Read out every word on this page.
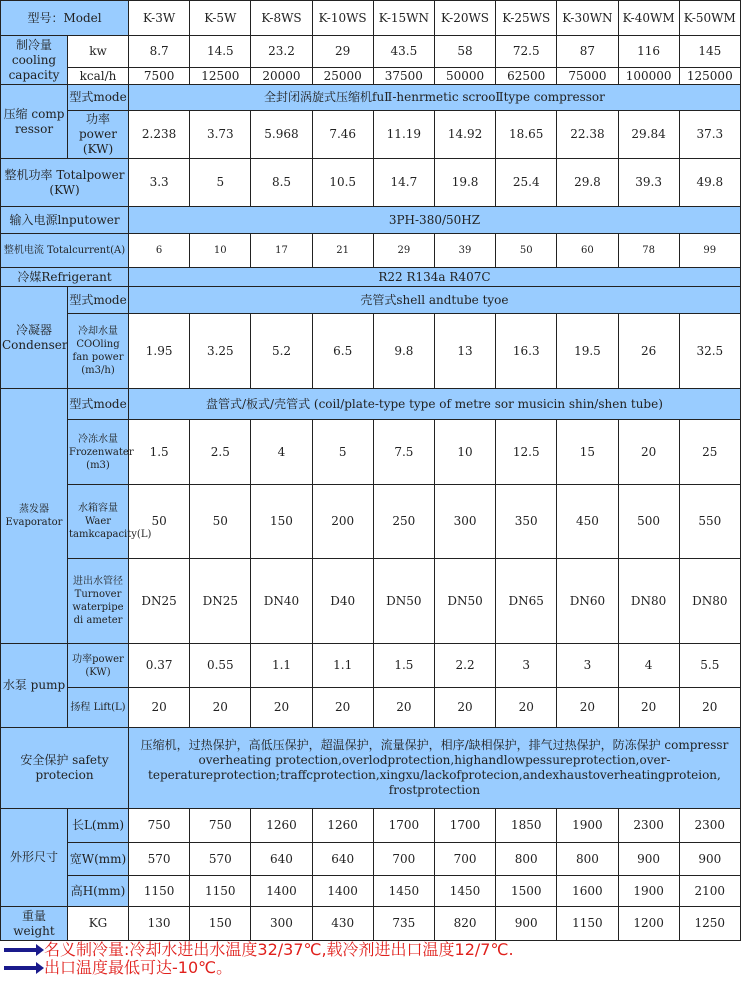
型号：Model		K-3W	K-5W	K-8WS	K-10WS	K-15WN	K-20WS	K-25WS	K-30WN	K-40WM	K-50WM
制冷量 cooling capacity	kw	8.7	14.5	23.2	29	43.5	58	72.5	87	116	145
	kcal/h	7500	12500	20000	25000	37500	50000	62500	75000	100000	125000
压缩 comp ressor	型式mode	全封闭涡旋式压缩机fuⅡ-henrmetic scrooⅡtype compressor									
	功率 power (KW)	2.238	3.73	5.968	7.46	11.19	14.92	18.65	22.38	29.84	37.3
整机功率 Totalpower (KW)		3.3	5	8.5	10.5	14.7	19.8	25.4	29.8	39.3	49.8
输入电源lnputower		3PH-380/50HZ									
整机电流 Totalcurrent(A)		6	10	17	21	29	39	50	60	78	99
冷媒Refrigerant		R22 R134a R407C									
冷凝器 Condenser	型式mode	壳管式shell andtube tyoe									
	冷却水量 COOling fan power (m3/h)	1.95	3.25	5.2	6.5	9.8	13	16.3	19.5	26	32.5
蒸发器 Evaporator	型式mode	盘管式/板式/壳管式 (coil/plate-type type of metre sor musicin shin/shen tube)									
	冷冻水量 Frozenwater (m3)	1.5	2.5	4	5	7.5	10	12.5	15	20	25
	水箱容量 Waer tamkcapacity(L)	50	50	150	200	250	300	350	450	500	550
	进出水管径 Turnover waterpipe di ameter	DN25	DN25	DN40	D40	DN50	DN50	DN65	DN60	DN80	DN80
水泵 pump	功率power (KW)	0.37	0.55	1.1	1.1	1.5	2.2	3	3	4	5.5
	扬程 Lift(L)	20	20	20	20	20	20	20	20	20	20
安全保护 safety protecion		压缩机，过热保护，高低压保护，超温保护，流量保护，相序/缺相保护，排气过热保护，防冻保护 compressr overheating protection,overlodprotection,highandlowpessureprotection,over-teperatureprotection;traffcprotection,xingxu/lackofprotecion,andexhaustoverheatingproteion, frostprotection									
外形尺寸	长L(mm)	750	750	1260	1260	1700	1700	1850	1900	2300	2300
	宽W(mm)	570	570	640	640	700	700	800	800	900	900
	高H(mm)	1150	1150	1400	1400	1450	1450	1500	1600	1900	2100
重量 weight	KG	130	150	300	430	735	820	900	1150	1200	1250
名义制冷量:冷却水进出水温度32/37℃,载冷剂进出口温度12/7℃.
出口温度最低可达-10℃。
